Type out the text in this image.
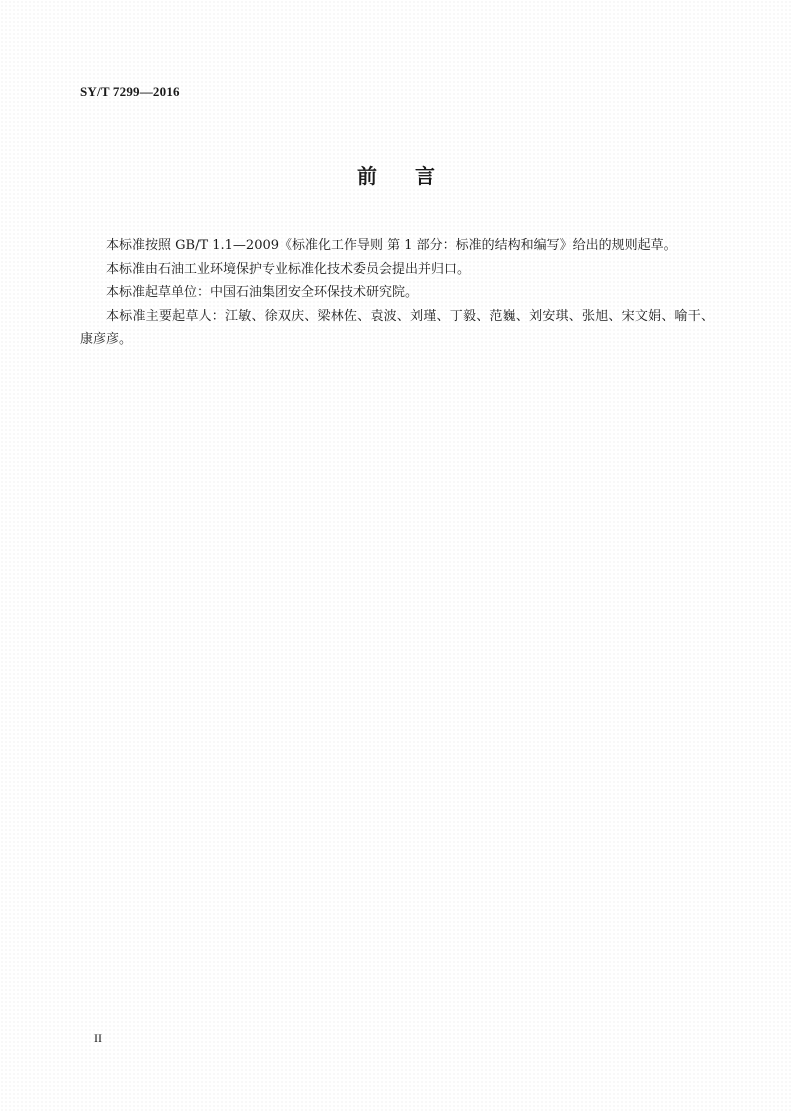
SY/T 7299—2016
前言

本标准按照 GB/T 1.1—2009《标准化工作导则 第 1 部分：标准的结构和编写》给出的规则起草。

本标准由石油工业环境保护专业标准化技术委员会提出并归口。

本标准起草单位：中国石油集团安全环保技术研究院。

本标准主要起草人：江敏、徐双庆、梁林佐、袁波、刘瑾、丁毅、范巍、刘安琪、张旭、宋文娟、喻干、康彦彦。

II
